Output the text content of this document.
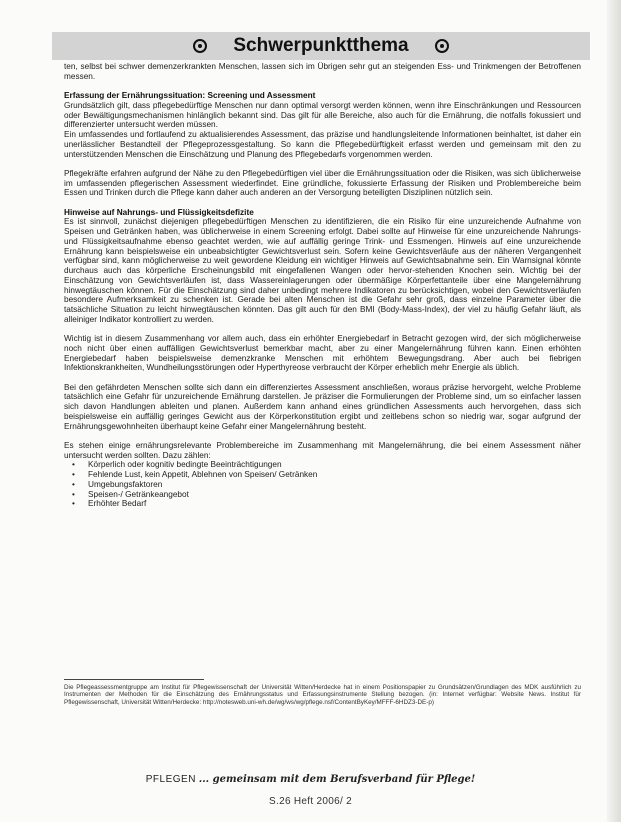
Schwerpunktthema

ten, selbst bei schwer demenzerkrankten Menschen, lassen sich im Übrigen sehr gut an steigenden Ess- und Trinkmengen der Betroffenen messen.

Erfassung der Ernährungssituation: Screening und Assessment

Grundsätzlich gilt, dass pflegebedürftige Menschen nur dann optimal versorgt werden können, wenn ihre Einschränkungen und Ressourcen oder Bewältigungsmechanismen hinlänglich bekannt sind. Das gilt für alle Bereiche, also auch für die Ernährung, die notfalls fokussiert und differenzierter untersucht werden müssen.

Ein umfassendes und fortlaufend zu aktualisierendes Assessment, das präzise und handlungsleitende Informationen beinhaltet, ist daher ein unerlässlicher Bestandteil der Pflegeprozessgestaltung. So kann die Pflegebedürftigkeit erfasst werden und gemeinsam mit den zu unterstützenden Menschen die Einschätzung und Planung des Pflegebedarfs vorgenommen werden.

Pflegekräfte erfahren aufgrund der Nähe zu den Pflegebedürftigen viel über die Ernährungssituation oder die Risiken, was sich üblicherweise im umfassenden pflegerischen Assessment wiederfindet. Eine gründliche, fokussierte Erfassung der Risiken und Problembereiche beim Essen und Trinken durch die Pflege kann daher auch anderen an der Versorgung beteiligten Disziplinen nützlich sein.

Hinweise auf Nahrungs- und Flüssigkeitsdefizite

Es ist sinnvoll, zunächst diejenigen pflegebedürftigen Menschen zu identifizieren, die ein Risiko für eine unzureichende Aufnahme von Speisen und Getränken haben, was üblicherweise in einem Screening erfolgt. Dabei sollte auf Hinweise für eine unzureichende Nahrungs- und Flüssigkeitsaufnahme ebenso geachtet werden, wie auf auffällig geringe Trink- und Essmengen. Hinweis auf eine unzureichende Ernährung kann beispielsweise ein unbeabsichtigter Gewichtsverlust sein. Sofern keine Gewichtsverläufe aus der näheren Vergangenheit verfügbar sind, kann möglicherweise zu weit gewordene Kleidung ein wichtiger Hinweis auf Gewichtsabnahme sein. Ein Warnsignal könnte durchaus auch das körperliche Erscheinungsbild mit eingefallenen Wangen oder hervor-stehenden Knochen sein. Wichtig bei der Einschätzung von Gewichtsverläufen ist, dass Wassereinlagerungen oder übermäßige Körperfettanteile über eine Mangelernährung hinwegtäuschen können. Für die Einschätzung sind daher unbedingt mehrere Indikatoren zu berücksichtigen, wobei den Gewichtsverläufen besondere Aufmerksamkeit zu schenken ist. Gerade bei alten Menschen ist die Gefahr sehr groß, dass einzelne Parameter über die tatsächliche Situation zu leicht hinwegtäuschen könnten. Das gilt auch für den BMI (Body-Mass-Index), der viel zu häufig Gefahr läuft, als alleiniger Indikator kontrolliert zu werden.

Wichtig ist in diesem Zusammenhang vor allem auch, dass ein erhöhter Energiebedarf in Betracht gezogen wird, der sich möglicherweise noch nicht über einen auffälligen Gewichtsverlust bemerkbar macht, aber zu einer Mangelernährung führen kann. Einen erhöhten Energiebedarf haben beispielsweise demenzkranke Menschen mit erhöhtem Bewegungsdrang. Aber auch bei fiebrigen Infektionskrankheiten, Wundheilungsstörungen oder Hyperthyreose verbraucht der Körper erheblich mehr Energie als üblich.

Bei den gefährdeten Menschen sollte sich dann ein differenziertes Assessment anschließen, woraus präzise hervorgeht, welche Probleme tatsächlich eine Gefahr für unzureichende Ernährung darstellen. Je präziser die Formulierungen der Probleme sind, um so einfacher lassen sich davon Handlungen ableiten und planen. Außerdem kann anhand eines gründlichen Assessments auch hervorgehen, dass sich beispielsweise ein auffällig geringes Gewicht aus der Körperkonstitution ergibt und zeitlebens schon so niedrig war, sogar aufgrund der Ernährungsgewohnheiten überhaupt keine Gefahr einer Mangelernährung besteht.

Es stehen einige ernährungsrelevante Problembereiche im Zusammenhang mit Mangelernährung, die bei einem Assessment näher untersucht werden sollten. Dazu zählen:

• Körperlich oder kognitiv bedingte Beeinträchtigungen
• Fehlende Lust, kein Appetit, Ablehnen von Speisen/ Getränken
• Umgebungsfaktoren
• Speisen-/ Getränkeangebot
• Erhöhter Bedarf
Die Pflegeassessmentgruppe am Institut für Pflegewissenschaft der Universität Witten/Herdecke hat in einem Positionspapier zu Grundsätzen/Grundlagen des MDK ausführlich zu Instrumenten der Methoden für die Einschätzung des Ernährungsstatus und Erfassungsinstrumente Stellung bezogen. (in: Internet verfügbar: Website News. Institut für Pflegewissenschaft, Universität Witten/Herdecke: http://notesweb.uni-wh.de/wg/ws/wg/pflege.nsf/ContentByKey/MFFF-6HDZ3-DE-p)
PFLEGEN ... gemeinsam mit dem Berufsverband für Pflege!
S.26 Heft 2006/ 2
